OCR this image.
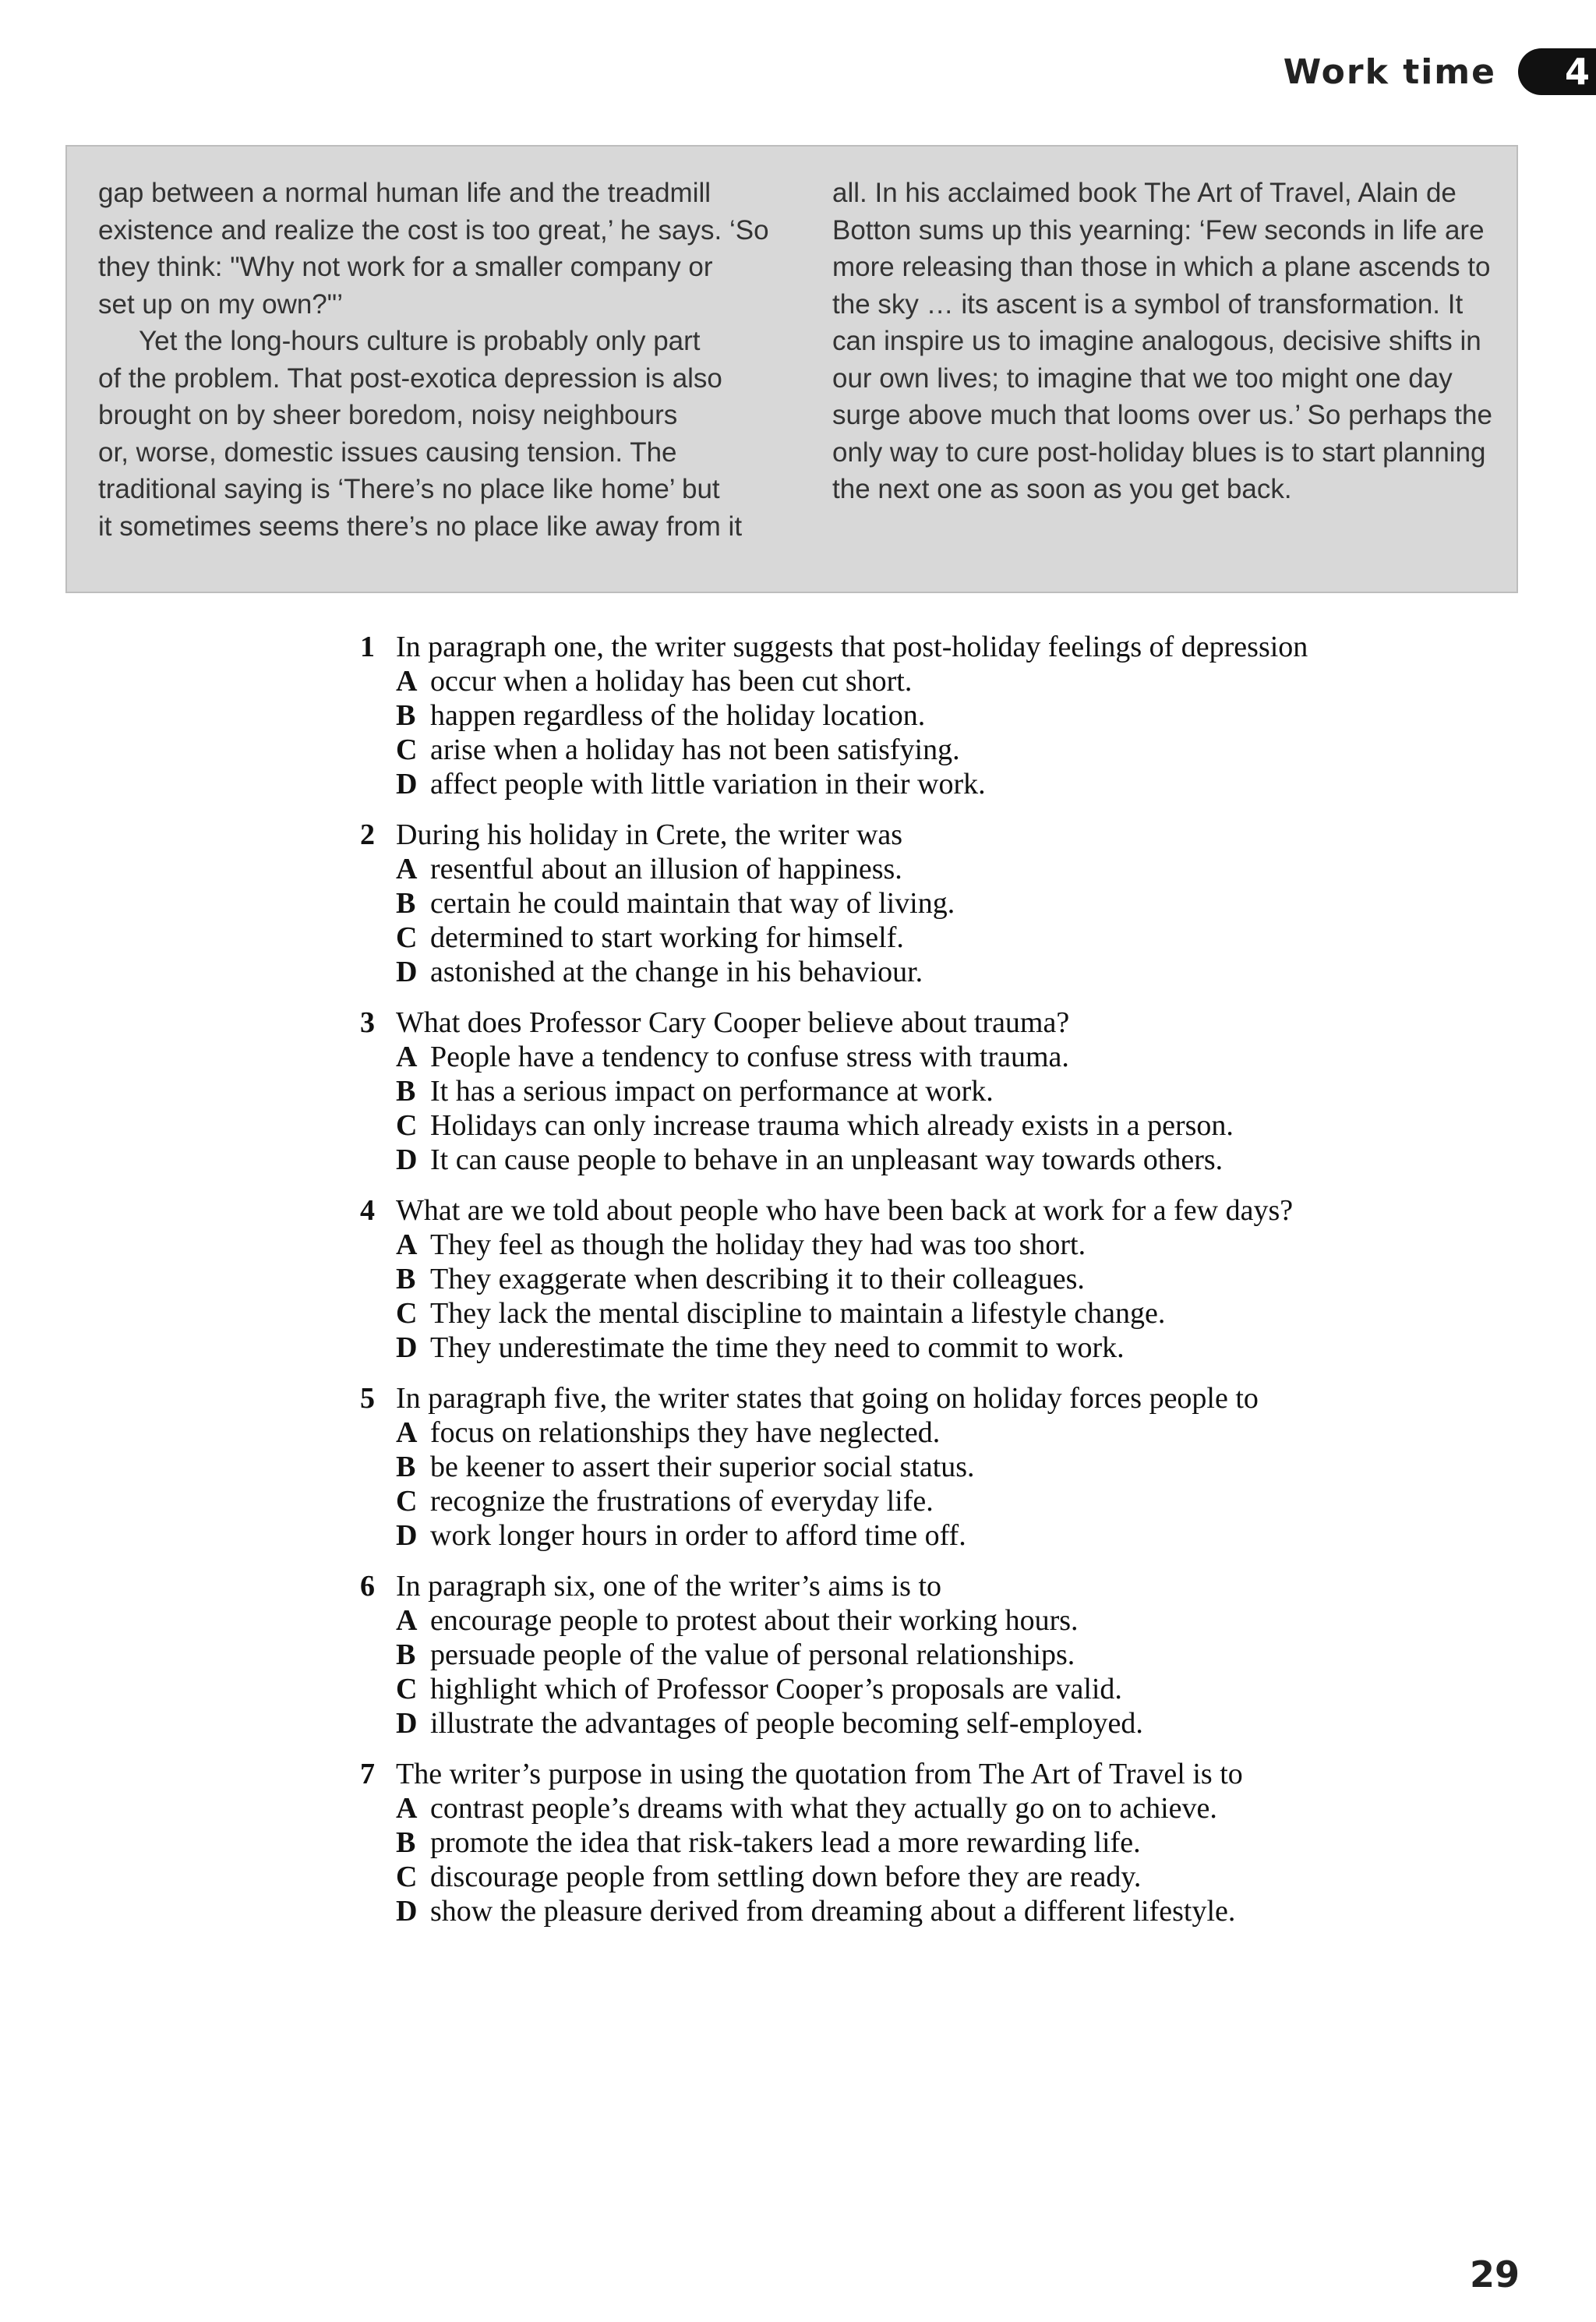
Work time	4

gap between a normal human life and the treadmill
existence and realize the cost is too great,’ he says. ‘So
they think: "Why not work for a smaller company or
set up on my own?"’

Yet the long-hours culture is probably only part
of the problem. That post-exotica depression is also
brought on by sheer boredom, noisy neighbours
or, worse, domestic issues causing tension. The
traditional saying is ‘There’s no place like home’ but
it sometimes seems there’s no place like away from it

all. In his acclaimed book The Art of Travel, Alain de
Botton sums up this yearning: ‘Few seconds in life are
more releasing than those in which a plane ascends to
the sky … its ascent is a symbol of transformation. It
can inspire us to imagine analogous, decisive shifts in
our own lives; to imagine that we too might one day
surge above much that looms over us.’ So perhaps the
only way to cure post-holiday blues is to start planning
the next one as soon as you get back.

1 In paragraph one, the writer suggests that post-holiday feelings of depression
A occur when a holiday has been cut short.
B happen regardless of the holiday location.
C arise when a holiday has not been satisfying.
D affect people with little variation in their work.
2 During his holiday in Crete, the writer was
A resentful about an illusion of happiness.
B certain he could maintain that way of living.
C determined to start working for himself.
D astonished at the change in his behaviour.
3 What does Professor Cary Cooper believe about trauma?
A People have a tendency to confuse stress with trauma.
B It has a serious impact on performance at work.
C Holidays can only increase trauma which already exists in a person.
D It can cause people to behave in an unpleasant way towards others.
4 What are we told about people who have been back at work for a few days?
A They feel as though the holiday they had was too short.
B They exaggerate when describing it to their colleagues.
C They lack the mental discipline to maintain a lifestyle change.
D They underestimate the time they need to commit to work.
5 In paragraph five, the writer states that going on holiday forces people to
A focus on relationships they have neglected.
B be keener to assert their superior social status.
C recognize the frustrations of everyday life.
D work longer hours in order to afford time off.
6 In paragraph six, one of the writer’s aims is to
A encourage people to protest about their working hours.
B persuade people of the value of personal relationships.
C highlight which of Professor Cooper’s proposals are valid.
D illustrate the advantages of people becoming self-employed.
7 The writer’s purpose in using the quotation from The Art of Travel is to
A contrast people’s dreams with what they actually go on to achieve.
B promote the idea that risk-takers lead a more rewarding life.
C discourage people from settling down before they are ready.
D show the pleasure derived from dreaming about a different lifestyle.
29
